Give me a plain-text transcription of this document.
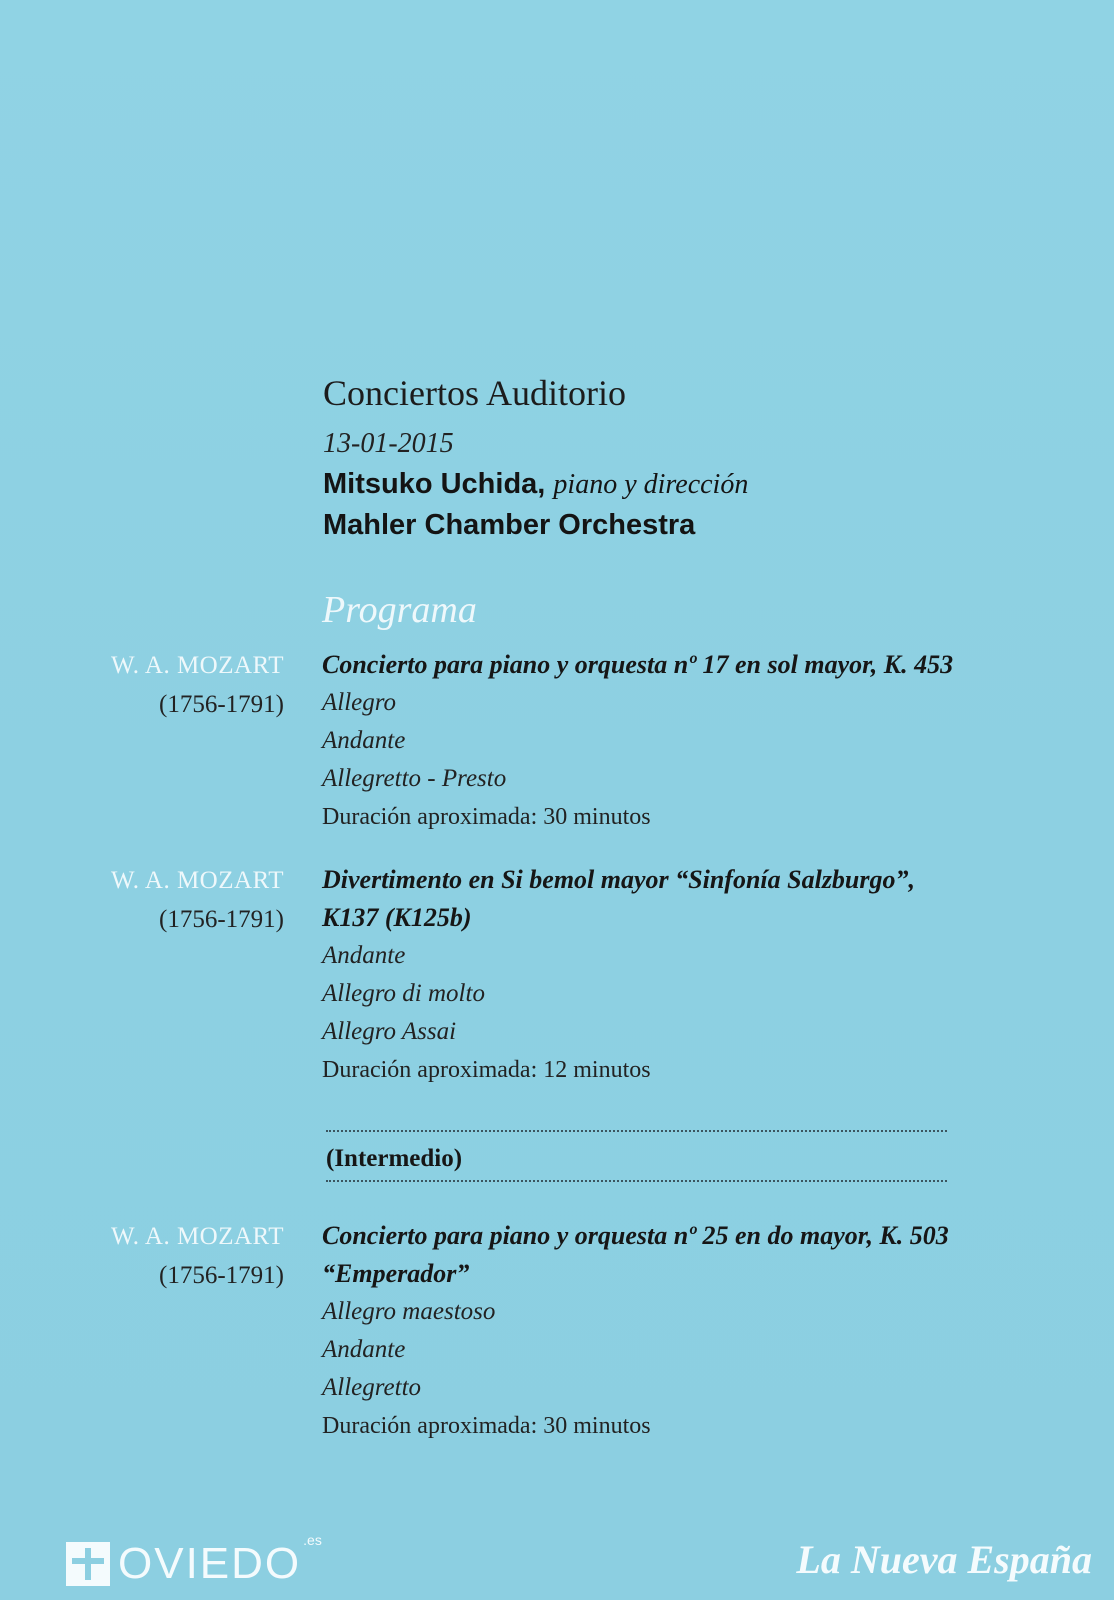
Conciertos Auditorio
13-01-2015
Mitsuko Uchida, piano y dirección
Mahler Chamber Orchestra
Programa
W. A. MOZART
(1756-1791)
Concierto para piano y orquesta nº 17 en sol mayor, K. 453
Allegro
Andante
Allegretto - Presto
Duración aproximada: 30 minutos
W. A. MOZART
(1756-1791)
Divertimento en Si bemol mayor “Sinfonía Salzburgo”,
K137 (K125b)
Andante
Allegro di molto
Allegro Assai
Duración aproximada: 12 minutos
(Intermedio)
W. A. MOZART
(1756-1791)
Concierto para piano y orquesta nº 25 en do mayor, K. 503
“Emperador”
Allegro maestoso
Andante
Allegretto
Duración aproximada: 30 minutos
OVIEDO .es	La Nueva España
